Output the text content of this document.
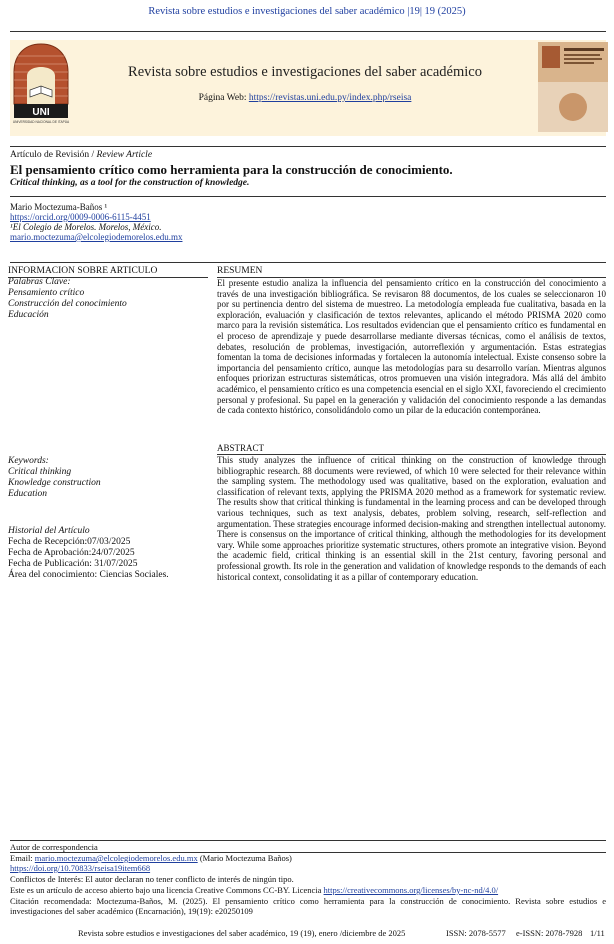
Revista sobre estudios e investigaciones del saber académico |19| 19 (2025)
UNI
UNIVERSIDAD NACIONAL DE ITAPÚA
Revista sobre estudios e investigaciones del saber académico
Página Web: https://revistas.uni.edu.py/index.php/rseisa
Artículo de Revisión / Review Article
El pensamiento crítico como herramienta para la construcción de conocimiento.
Critical thinking, as a tool for the construction of knowledge.
Mario Moctezuma-Baños ¹
https://orcid.org/0009-0006-6115-4451
¹El Colegio de Morelos. Morelos, México.
mario.moctezuma@elcolegiodemorelos.edu.mx
INFORMACION SOBRE ARTICULO
Palabras Clave:
Pensamiento crítico
Construcción del conocimiento
Educación
Keywords:
Critical thinking
Knowledge construction
Education
Historial del Artículo
Fecha de Recepción:07/03/2025
Fecha de Aprobación:24/07/2025
Fecha de Publicación: 31/07/2025
Área del conocimiento: Ciencias Sociales.
RESUMEN
El presente estudio analiza la influencia del pensamiento crítico en la construcción del conocimiento a través de una investigación bibliográfica. Se revisaron 88 documentos, de los cuales se seleccionaron 10 por su pertinencia dentro del sistema de muestreo. La metodología empleada fue cualitativa, basada en la exploración, evaluación y clasificación de textos relevantes, aplicando el método PRISMA 2020 como marco para la revisión sistemática. Los resultados evidencian que el pensamiento crítico es fundamental en el proceso de aprendizaje y puede desarrollarse mediante diversas técnicas, como el análisis de textos, debates, resolución de problemas, investigación, autorreflexión y argumentación. Estas estrategias fomentan la toma de decisiones informadas y fortalecen la autonomía intelectual. Existe consenso sobre la importancia del pensamiento crítico, aunque las metodologías para su desarrollo varían. Mientras algunos enfoques priorizan estructuras sistemáticas, otros promueven una visión integradora. Más allá del ámbito académico, el pensamiento crítico es una competencia esencial en el siglo XXI, favoreciendo el crecimiento personal y profesional. Su papel en la generación y validación del conocimiento responde a las demandas de cada contexto histórico, consolidándolo como un pilar de la educación contemporánea.
ABSTRACT
This study analyzes the influence of critical thinking on the construction of knowledge through bibliographic research. 88 documents were reviewed, of which 10 were selected for their relevance within the sampling system. The methodology used was qualitative, based on the exploration, evaluation and classification of relevant texts, applying the PRISMA 2020 method as a framework for systematic review. The results show that critical thinking is fundamental in the learning process and can be developed through various techniques, such as text analysis, debates, problem solving, research, self-reflection and argumentation. These strategies encourage informed decision-making and strengthen intellectual autonomy. There is consensus on the importance of critical thinking, although the methodologies for its development vary. While some approaches prioritize systematic structures, others promote an integrative vision. Beyond the academic field, critical thinking is an essential skill in the 21st century, favoring personal and professional growth. Its role in the generation and validation of knowledge responds to the demands of each historical context, consolidating it as a pillar of contemporary education.
Autor de correspondencia
Email: mario.moctezuma@elcolegiodemorelos.edu.mx (Mario Moctezuma Baños)
https://doi.org/10.70833/rseisa19item668
Conflictos de Interés: El autor declaran no tener conflicto de interés de ningún tipo.
Este es un artículo de acceso abierto bajo una licencia Creative Commons CC-BY. Licencia https://creativecommons.org/licenses/by-nc-nd/4.0/
Citación recomendada: Moctezuma-Baños, M. (2025). El pensamiento crítico como herramienta para la construcción de conocimiento. Revista sobre estudios e investigaciones del saber académico (Encarnación), 19(19): e20250109
Revista sobre estudios e investigaciones del saber académico, 19 (19), enero /diciembre de 2025	ISSN: 2078-5577 e-ISSN: 2078-7928 1/11
